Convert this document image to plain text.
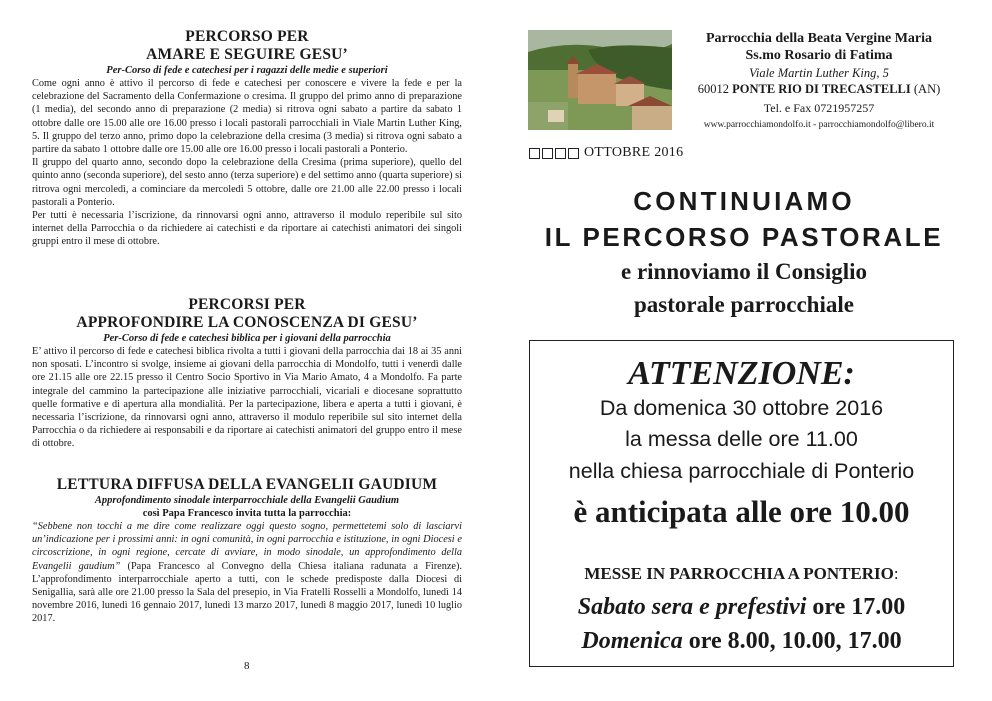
PERCORSO PER
AMARE E SEGUIRE GESU’
Per-Corso di fede e catechesi per i ragazzi delle medie e superiori

Come ogni anno è attivo il percorso di fede e catechesi per conoscere e vivere la fede e per la celebrazione del Sacramento della Confermazione o cresima. Il gruppo del primo anno di preparazione (1 media), del secondo anno di preparazione (2 media) si ritrova ogni sabato a partire da sabato 1 ottobre dalle ore 15.00 alle ore 16.00 presso i locali pastorali parrocchiali in Viale Martin Luther King, 5. Il gruppo del terzo anno, primo dopo la celebrazione della cresima (3 media) si ritrova ogni sabato a partire da sabato 1 ottobre dalle ore 15.00 alle ore 16.00 presso i locali pastorali a Ponterio.

Il gruppo del quarto anno, secondo dopo la celebrazione della Cresima (prima superiore), quello del quinto anno (seconda superiore), del sesto anno (terza superiore) e del settimo anno (quarta superiore) si ritrova ogni mercoledì, a cominciare da mercoledì 5 ottobre, dalle ore 21.00 alle 22.00 presso i locali pastorali a Ponterio.

Per tutti è necessaria l’iscrizione, da rinnovarsi ogni anno, attraverso il modulo reperibile sul sito internet della Parrocchia o da richiedere ai catechisti e da riportare ai catechisti animatori dei singoli gruppi entro il mese di ottobre.

PERCORSI PER
APPROFONDIRE LA CONOSCENZA DI GESU’
Per-Corso di fede e catechesi biblica per i giovani della parrocchia

E’ attivo il percorso di fede e catechesi biblica rivolta a tutti i giovani della parrocchia dai 18 ai 35 anni non sposati. L’incontro si svolge, insieme ai giovani della parrocchia di Mondolfo, tutti i venerdì dalle ore 21.15 alle ore 22.15 presso il Centro Socio Sportivo in Via Mario Amato, 4 a Mondolfo. Fa parte integrale del cammino la partecipazione alle iniziative parrocchiali, vicariali e diocesane soprattutto quelle formative e di apertura alla mondialità. Per la partecipazione, libera e aperta a tutti i giovani, è necessaria l’iscrizione, da rinnovarsi ogni anno, attraverso il modulo reperibile sul sito internet della Parrocchia o da richiedere ai responsabili e da riportare ai catechisti animatori del gruppo entro il mese di ottobre.

LETTURA DIFFUSA DELLA EVANGELII GAUDIUM
Approfondimento sinodale interparrocchiale della Evangelii Gaudium
così Papa Francesco invita tutta la parrocchia:

“Sebbene non tocchi a me dire come realizzare oggi questo sogno, permettetemi solo di lasciarvi un’indicazione per i prossimi anni: in ogni comunità, in ogni parrocchia e istituzione, in ogni Diocesi e circoscrizione, in ogni regione, cercate di avviare, in modo sinodale, un approfondimento della Evangelii gaudium” (Papa Francesco al Convegno della Chiesa italiana radunata a Firenze). L’approfondimento interparrocchiale aperto a tutti, con le schede predisposte dalla Diocesi di Senigallia, sarà alle ore 21.00 presso la Sala del presepio, in Via Fratelli Rosselli a Mondolfo, lunedì 14 novembre 2016, lunedì 16 gennaio 2017, lunedì 13 marzo 2017, lunedì 8 maggio 2017, lunedì 10 luglio 2017.

8
Parrocchia della Beata Vergine Maria
Ss.mo Rosario di Fatima
Viale Martin Luther King, 5
60012 PONTE RIO DI TRECASTELLI (AN)
Tel. e Fax 0721957257
www.parrocchiamondolfo.it - parrocchiamondolfo@libero.it
OTTOBRE 2016
CONTINUIAMO
IL PERCORSO PASTORALE
e rinnoviamo il Consiglio
pastorale parrocchiale
ATTENZIONE:
Da domenica 30 ottobre 2016
la messa delle ore 11.00
nella chiesa parrocchiale di Ponterio
è anticipata alle ore 10.00
MESSE IN PARROCCHIA A PONTERIO:
Sabato sera e prefestivi ore 17.00
Domenica ore 8.00, 10.00, 17.00
